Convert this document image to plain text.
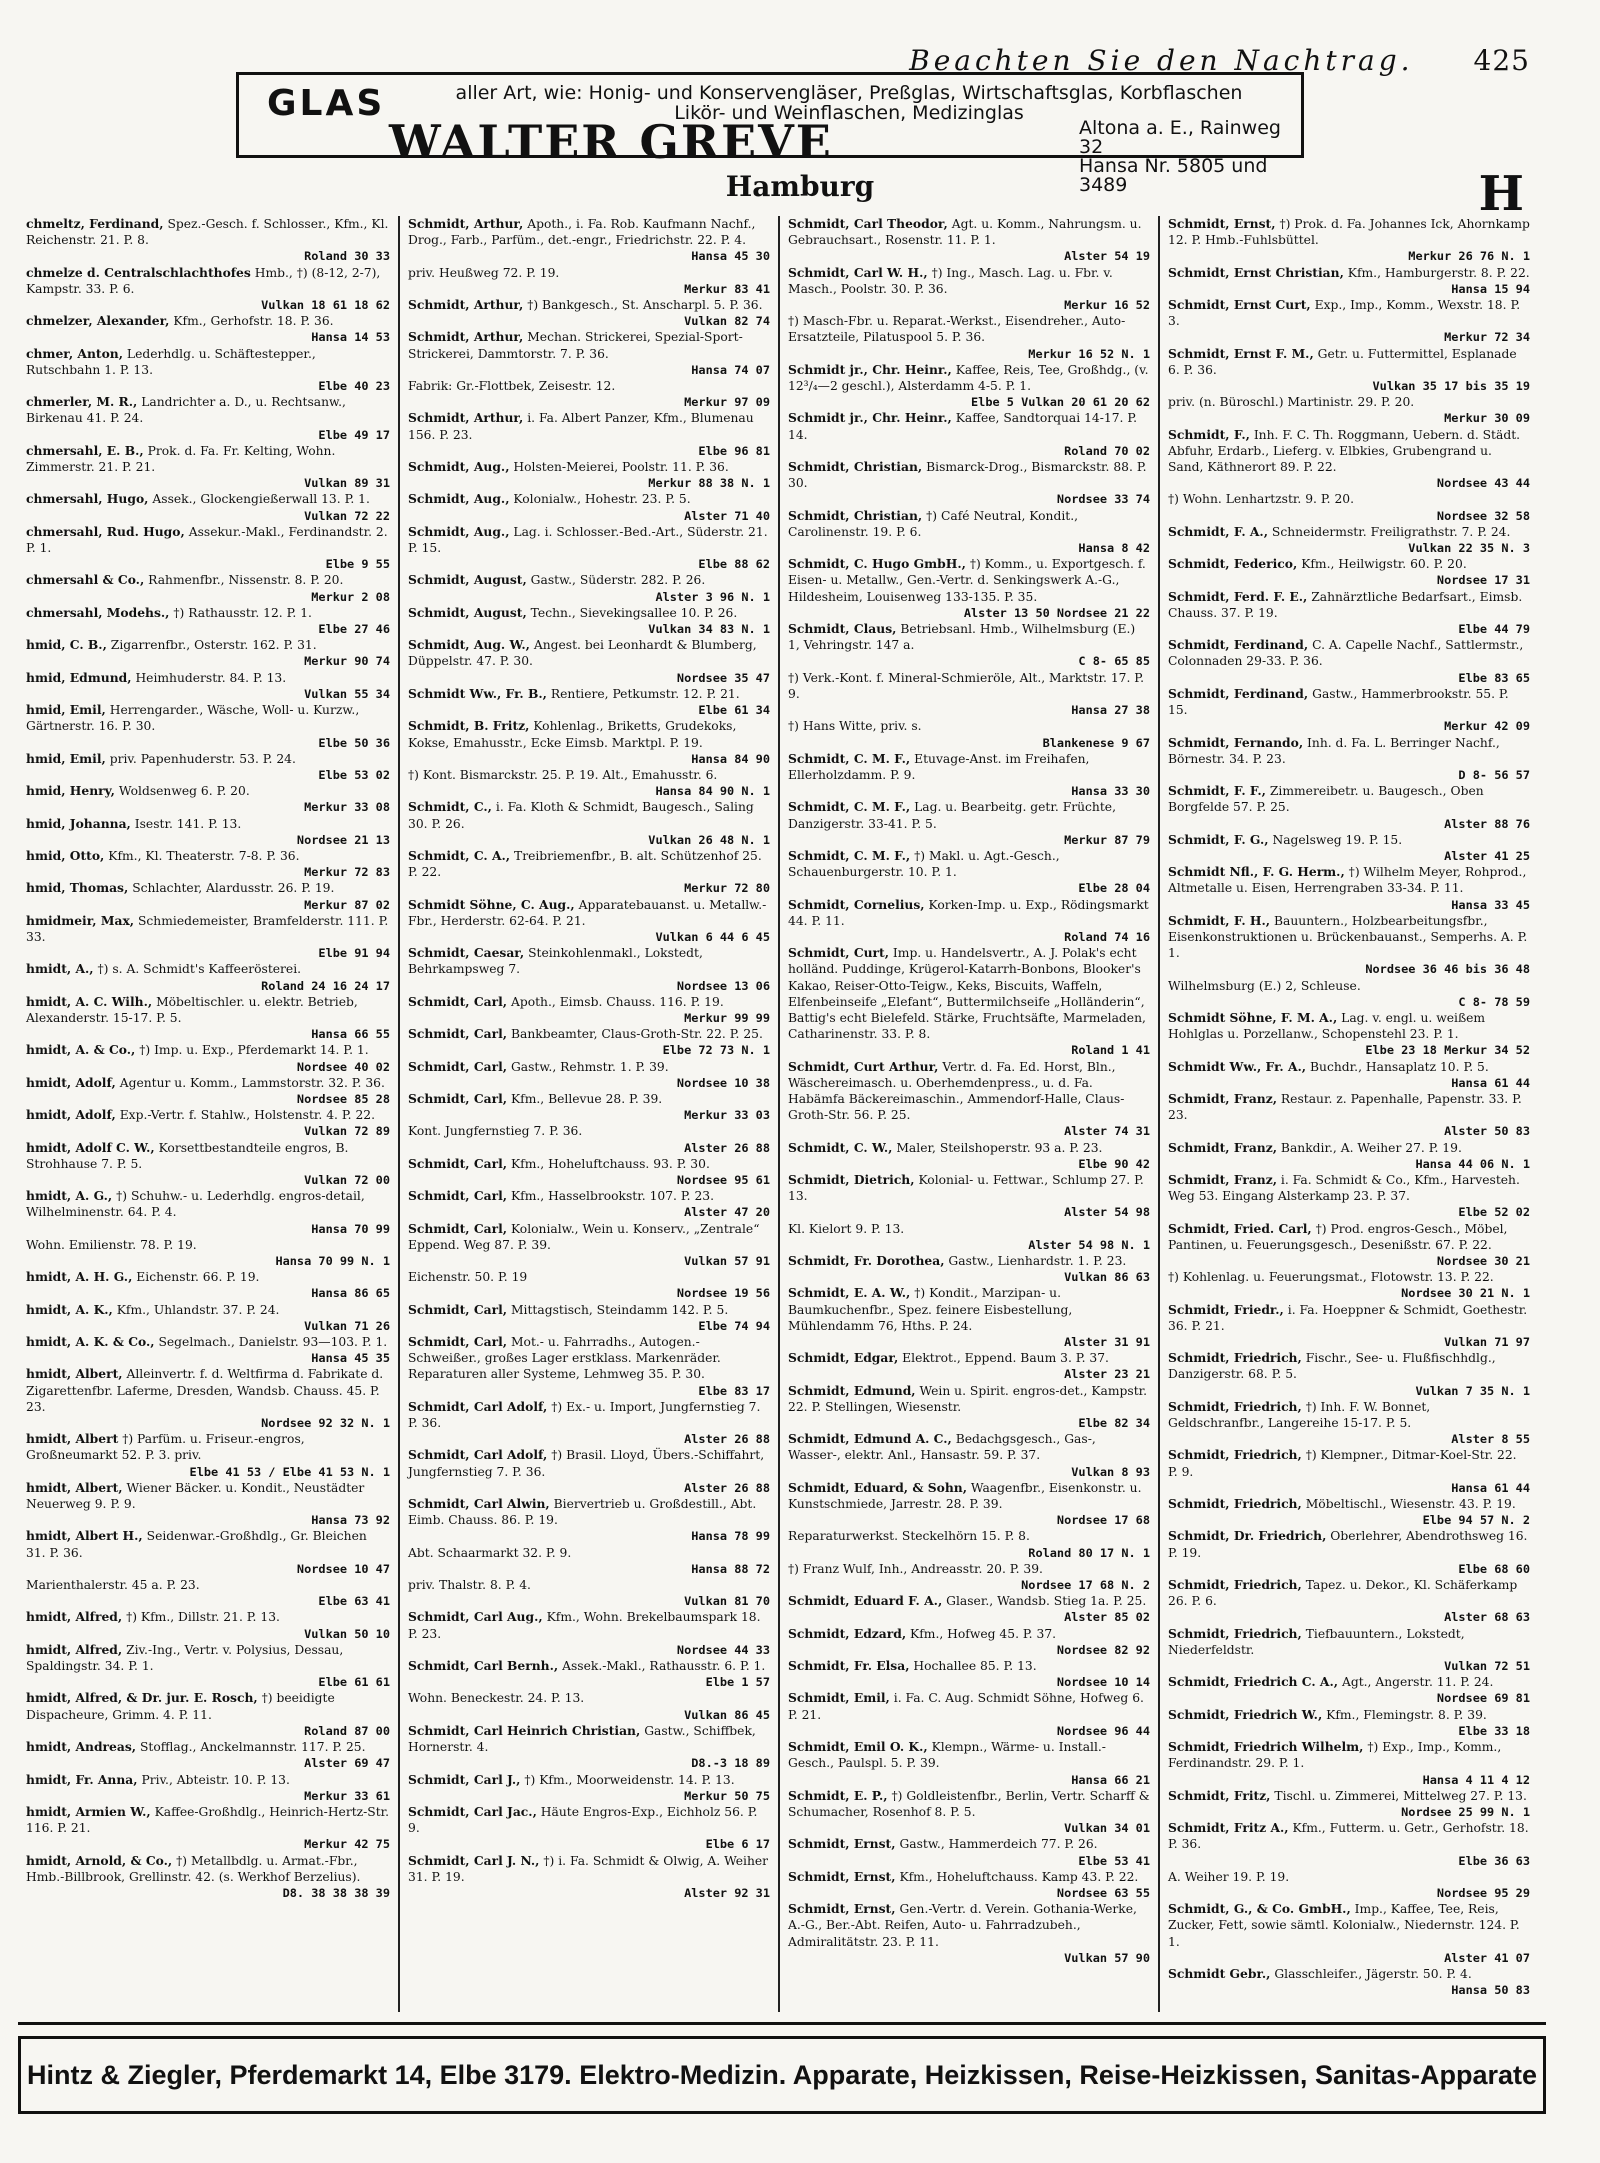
Beachten Sie den Nachtrag. 425
GLAS	aller Art, wie: Honig- und Konservengläser, Preßglas, Wirtschaftsglas, Korbflaschen
Likör- und Weinflaschen, Medizinglas
WALTER GREVE	Altona a. E., Rainweg 32
Hansa Nr. 5805 und 3489
Hamburg	H
chmeltz, Ferdinand, Spez.-Gesch. f. Schlosser., Kfm., Kl. Reichenstr. 21. P. 8.
Roland 30 33
chmelze d. Centralschlachthofes Hmb., †) (8-12, 2-7), Kampstr. 33. P. 6.
Vulkan 18 61 18 62
chmelzer, Alexander, Kfm., Gerhofstr. 18. P. 36.
Hansa 14 53
chmer, Anton, Lederhdlg. u. Schäftestepper., Rutschbahn 1. P. 13.
Elbe 40 23
chmerler, M. R., Landrichter a. D., u. Rechtsanw., Birkenau 41. P. 24.
Elbe 49 17
chmersahl, E. B., Prok. d. Fa. Fr. Kelting, Wohn. Zimmerstr. 21. P. 21.
Vulkan 89 31
chmersahl, Hugo, Assek., Glockengießerwall 13. P. 1.
Vulkan 72 22
chmersahl, Rud. Hugo, Assekur.-Makl., Ferdinandstr. 2. P. 1.
Elbe 9 55
chmersahl & Co., Rahmenfbr., Nissenstr. 8. P. 20.
Merkur 2 08
chmersahl, Modehs., †) Rathausstr. 12. P. 1.
Elbe 27 46
hmid, C. B., Zigarrenfbr., Osterstr. 162. P. 31.
Merkur 90 74
hmid, Edmund, Heimhuderstr. 84. P. 13.
Vulkan 55 34
hmid, Emil, Herrengarder., Wäsche, Woll- u. Kurzw., Gärtnerstr. 16. P. 30.
Elbe 50 36
hmid, Emil, priv. Papenhuderstr. 53. P. 24.
Elbe 53 02
hmid, Henry, Woldsenweg 6. P. 20.
Merkur 33 08
hmid, Johanna, Isestr. 141. P. 13.
Nordsee 21 13
hmid, Otto, Kfm., Kl. Theaterstr. 7-8. P. 36.
Merkur 72 83
hmid, Thomas, Schlachter, Alardusstr. 26. P. 19.
Merkur 87 02
hmidmeir, Max, Schmiedemeister, Bramfelderstr. 111. P. 33.
Elbe 91 94
hmidt, A., †) s. A. Schmidt's Kaffeerösterei.
Roland 24 16 24 17
hmidt, A. C. Wilh., Möbeltischler. u. elektr. Betrieb, Alexanderstr. 15-17. P. 5.
Hansa 66 55
hmidt, A. & Co., †) Imp. u. Exp., Pferdemarkt 14. P. 1.
Nordsee 40 02
hmidt, Adolf, Agentur u. Komm., Lammstorstr. 32. P. 36.
Nordsee 85 28
hmidt, Adolf, Exp.-Vertr. f. Stahlw., Holstenstr. 4. P. 22.
Vulkan 72 89
hmidt, Adolf C. W., Korsettbestandteile engros, B. Strohhause 7. P. 5.
Vulkan 72 00
hmidt, A. G., †) Schuhw.- u. Lederhdlg. engros-detail, Wilhelminenstr. 64. P. 4.
Hansa 70 99
Wohn. Emilienstr. 78. P. 19.
Hansa 70 99 N. 1
hmidt, A. H. G., Eichenstr. 66. P. 19.
Hansa 86 65
hmidt, A. K., Kfm., Uhlandstr. 37. P. 24.
Vulkan 71 26
hmidt, A. K. & Co., Segelmach., Danielstr. 93—103. P. 1.
Hansa 45 35
hmidt, Albert, Alleinvertr. f. d. Weltfirma d. Fabrikate d. Zigarettenfbr. Laferme, Dresden, Wandsb. Chauss. 45. P. 23.
Nordsee 92 32 N. 1
hmidt, Albert †) Parfüm. u. Friseur.-engros, Großneumarkt 52. P. 3. priv.
Elbe 41 53 / Elbe 41 53 N. 1
hmidt, Albert, Wiener Bäcker. u. Kondit., Neustädter Neuerweg 9. P. 9.
Hansa 73 92
hmidt, Albert H., Seidenwar.-Großhdlg., Gr. Bleichen 31. P. 36.
Nordsee 10 47
Marienthalerstr. 45 a. P. 23.
Elbe 63 41
hmidt, Alfred, †) Kfm., Dillstr. 21. P. 13.
Vulkan 50 10
hmidt, Alfred, Ziv.-Ing., Vertr. v. Polysius, Dessau, Spaldingstr. 34. P. 1.
Elbe 61 61
hmidt, Alfred, & Dr. jur. E. Rosch, †) beeidigte Dispacheure, Grimm. 4. P. 11.
Roland 87 00
hmidt, Andreas, Stofflag., Anckelmannstr. 117. P. 25.
Alster 69 47
hmidt, Fr. Anna, Priv., Abteistr. 10. P. 13.
Merkur 33 61
hmidt, Armien W., Kaffee-Großhdlg., Heinrich-Hertz-Str. 116. P. 21.
Merkur 42 75
hmidt, Arnold, & Co., †) Metallbdlg. u. Armat.-Fbr., Hmb.-Billbrook, Grellinstr. 42. (s. Werkhof Berzelius).
D8. 38 38 38 39
Schmidt, Arthur, Apoth., i. Fa. Rob. Kaufmann Nachf., Drog., Farb., Parfüm., det.-engr., Friedrichstr. 22. P. 4.
Hansa 45 30
priv. Heußweg 72. P. 19.
Merkur 83 41
Schmidt, Arthur, †) Bankgesch., St. Anscharpl. 5. P. 36.
Vulkan 82 74
Schmidt, Arthur, Mechan. Strickerei, Spezial-Sport-Strickerei, Dammtorstr. 7. P. 36.
Hansa 74 07
Fabrik: Gr.-Flottbek, Zeisestr. 12.
Merkur 97 09
Schmidt, Arthur, i. Fa. Albert Panzer, Kfm., Blumenau 156. P. 23.
Elbe 96 81
Schmidt, Aug., Holsten-Meierei, Poolstr. 11. P. 36.
Merkur 88 38 N. 1
Schmidt, Aug., Kolonialw., Hohestr. 23. P. 5.
Alster 71 40
Schmidt, Aug., Lag. i. Schlosser.-Bed.-Art., Süderstr. 21. P. 15.
Elbe 88 62
Schmidt, August, Gastw., Süderstr. 282. P. 26.
Alster 3 96 N. 1
Schmidt, August, Techn., Sievekingsallee 10. P. 26.
Vulkan 34 83 N. 1
Schmidt, Aug. W., Angest. bei Leonhardt & Blumberg, Düppelstr. 47. P. 30.
Nordsee 35 47
Schmidt Ww., Fr. B., Rentiere, Petkumstr. 12. P. 21.
Elbe 61 34
Schmidt, B. Fritz, Kohlenlag., Briketts, Grudekoks, Kokse, Emahusstr., Ecke Eimsb. Marktpl. P. 19.
Hansa 84 90
†) Kont. Bismarckstr. 25. P. 19. Alt., Emahusstr. 6.
Hansa 84 90 N. 1
Schmidt, C., i. Fa. Kloth & Schmidt, Baugesch., Saling 30. P. 26.
Vulkan 26 48 N. 1
Schmidt, C. A., Treibriemenfbr., B. alt. Schützenhof 25. P. 22.
Merkur 72 80
Schmidt Söhne, C. Aug., Apparatebauanst. u. Metallw.-Fbr., Herderstr. 62-64. P. 21.
Vulkan 6 44 6 45
Schmidt, Caesar, Steinkohlenmakl., Lokstedt, Behrkampsweg 7.
Nordsee 13 06
Schmidt, Carl, Apoth., Eimsb. Chauss. 116. P. 19.
Merkur 99 99
Schmidt, Carl, Bankbeamter, Claus-Groth-Str. 22. P. 25.
Elbe 72 73 N. 1
Schmidt, Carl, Gastw., Rehmstr. 1. P. 39.
Nordsee 10 38
Schmidt, Carl, Kfm., Bellevue 28. P. 39.
Merkur 33 03
Kont. Jungfernstieg 7. P. 36.
Alster 26 88
Schmidt, Carl, Kfm., Hoheluftchauss. 93. P. 30.
Nordsee 95 61
Schmidt, Carl, Kfm., Hasselbrookstr. 107. P. 23.
Alster 47 20
Schmidt, Carl, Kolonialw., Wein u. Konserv., „Zentrale“ Eppend. Weg 87. P. 39.
Vulkan 57 91
Eichenstr. 50. P. 19
Nordsee 19 56
Schmidt, Carl, Mittagstisch, Steindamm 142. P. 5.
Elbe 74 94
Schmidt, Carl, Mot.- u. Fahrradhs., Autogen.-Schweißer., großes Lager erstklass. Markenräder. Reparaturen aller Systeme, Lehmweg 35. P. 30.
Elbe 83 17
Schmidt, Carl Adolf, †) Ex.- u. Import, Jungfernstieg 7. P. 36.
Alster 26 88
Schmidt, Carl Adolf, †) Brasil. Lloyd, Übers.-Schiffahrt, Jungfernstieg 7. P. 36.
Alster 26 88
Schmidt, Carl Alwin, Biervertrieb u. Großdestill., Abt. Eimb. Chauss. 86. P. 19.
Hansa 78 99
Abt. Schaarmarkt 32. P. 9.
Hansa 88 72
priv. Thalstr. 8. P. 4.
Vulkan 81 70
Schmidt, Carl Aug., Kfm., Wohn. Brekelbaumspark 18. P. 23.
Nordsee 44 33
Schmidt, Carl Bernh., Assek.-Makl., Rathausstr. 6. P. 1.
Elbe 1 57
Wohn. Beneckestr. 24. P. 13.
Vulkan 86 45
Schmidt, Carl Heinrich Christian, Gastw., Schiffbek, Hornerstr. 4.
D8.-3 18 89
Schmidt, Carl J., †) Kfm., Moorweidenstr. 14. P. 13.
Merkur 50 75
Schmidt, Carl Jac., Häute Engros-Exp., Eichholz 56. P. 9.
Elbe 6 17
Schmidt, Carl J. N., †) i. Fa. Schmidt & Olwig, A. Weiher 31. P. 19.
Alster 92 31
Schmidt, Carl Theodor, Agt. u. Komm., Nahrungsm. u. Gebrauchsart., Rosenstr. 11. P. 1.
Alster 54 19
Schmidt, Carl W. H., †) Ing., Masch. Lag. u. Fbr. v. Masch., Poolstr. 30. P. 36.
Merkur 16 52
†) Masch-Fbr. u. Reparat.-Werkst., Eisendreher., Auto-Ersatzteile, Pilatuspool 5. P. 36.
Merkur 16 52 N. 1
Schmidt jr., Chr. Heinr., Kaffee, Reis, Tee, Großhdg., (v. 12³/₄—2 geschl.), Alsterdamm 4-5. P. 1.
Elbe 5 Vulkan 20 61 20 62
Schmidt jr., Chr. Heinr., Kaffee, Sandtorquai 14-17. P. 14.
Roland 70 02
Schmidt, Christian, Bismarck-Drog., Bismarckstr. 88. P. 30.
Nordsee 33 74
Schmidt, Christian, †) Café Neutral, Kondit., Carolinenstr. 19. P. 6.
Hansa 8 42
Schmidt, C. Hugo GmbH., †) Komm., u. Exportgesch. f. Eisen- u. Metallw., Gen.-Vertr. d. Senkingswerk A.-G., Hildesheim, Louisenweg 133-135. P. 35.
Alster 13 50 Nordsee 21 22
Schmidt, Claus, Betriebsanl. Hmb., Wilhelmsburg (E.) 1, Vehringstr. 147 a.
C 8- 65 85
†) Verk.-Kont. f. Mineral-Schmieröle, Alt., Marktstr. 17. P. 9.
Hansa 27 38
†) Hans Witte, priv. s.
Blankenese 9 67
Schmidt, C. M. F., Etuvage-Anst. im Freihafen, Ellerholzdamm. P. 9.
Hansa 33 30
Schmidt, C. M. F., Lag. u. Bearbeitg. getr. Früchte, Danzigerstr. 33-41. P. 5.
Merkur 87 79
Schmidt, C. M. F., †) Makl. u. Agt.-Gesch., Schauenburgerstr. 10. P. 1.
Elbe 28 04
Schmidt, Cornelius, Korken-Imp. u. Exp., Rödingsmarkt 44. P. 11.
Roland 74 16
Schmidt, Curt, Imp. u. Handelsvertr., A. J. Polak's echt holländ. Puddinge, Krügerol-Katarrh-Bonbons, Blooker's Kakao, Reiser-Otto-Teigw., Keks, Biscuits, Waffeln, Elfenbeinseife „Elefant“, Buttermilchseife „Holländerin“, Battig's echt Bielefeld. Stärke, Fruchtsäfte, Marmeladen, Catharinenstr. 33. P. 8.
Roland 1 41
Schmidt, Curt Arthur, Vertr. d. Fa. Ed. Horst, Bln., Wäschereimasch. u. Oberhemdenpress., u. d. Fa. Habämfa Bäckereimaschin., Ammendorf-Halle, Claus-Groth-Str. 56. P. 25.
Alster 74 31
Schmidt, C. W., Maler, Steilshoperstr. 93 a. P. 23.
Elbe 90 42
Schmidt, Dietrich, Kolonial- u. Fettwar., Schlump 27. P. 13.
Alster 54 98
Kl. Kielort 9. P. 13.
Alster 54 98 N. 1
Schmidt, Fr. Dorothea, Gastw., Lienhardstr. 1. P. 23.
Vulkan 86 63
Schmidt, E. A. W., †) Kondit., Marzipan- u. Baumkuchenfbr., Spez. feinere Eisbestellung, Mühlendamm 76, Hths. P. 24.
Alster 31 91
Schmidt, Edgar, Elektrot., Eppend. Baum 3. P. 37.
Alster 23 21
Schmidt, Edmund, Wein u. Spirit. engros-det., Kampstr. 22. P. Stellingen, Wiesenstr.
Elbe 82 34
Schmidt, Edmund A. C., Bedachgsgesch., Gas-, Wasser-, elektr. Anl., Hansastr. 59. P. 37.
Vulkan 8 93
Schmidt, Eduard, & Sohn, Waagenfbr., Eisenkonstr. u. Kunstschmiede, Jarrestr. 28. P. 39.
Nordsee 17 68
Reparaturwerkst. Steckelhörn 15. P. 8.
Roland 80 17 N. 1
†) Franz Wulf, Inh., Andreasstr. 20. P. 39.
Nordsee 17 68 N. 2
Schmidt, Eduard F. A., Glaser., Wandsb. Stieg 1a. P. 25.
Alster 85 02
Schmidt, Edzard, Kfm., Hofweg 45. P. 37.
Nordsee 82 92
Schmidt, Fr. Elsa, Hochallee 85. P. 13.
Nordsee 10 14
Schmidt, Emil, i. Fa. C. Aug. Schmidt Söhne, Hofweg 6. P. 21.
Nordsee 96 44
Schmidt, Emil O. K., Klempn., Wärme- u. Install.-Gesch., Paulspl. 5. P. 39.
Hansa 66 21
Schmidt, E. P., †) Goldleistenfbr., Berlin, Vertr. Scharff & Schumacher, Rosenhof 8. P. 5.
Vulkan 34 01
Schmidt, Ernst, Gastw., Hammerdeich 77. P. 26.
Elbe 53 41
Schmidt, Ernst, Kfm., Hoheluftchauss. Kamp 43. P. 22.
Nordsee 63 55
Schmidt, Ernst, Gen.-Vertr. d. Verein. Gothania-Werke, A.-G., Ber.-Abt. Reifen, Auto- u. Fahrradzubeh., Admiralitätstr. 23. P. 11.
Vulkan 57 90
Schmidt, Ernst, †) Prok. d. Fa. Johannes Ick, Ahornkamp 12. P. Hmb.-Fuhlsbüttel.
Merkur 26 76 N. 1
Schmidt, Ernst Christian, Kfm., Hamburgerstr. 8. P. 22.
Hansa 15 94
Schmidt, Ernst Curt, Exp., Imp., Komm., Wexstr. 18. P. 3.
Merkur 72 34
Schmidt, Ernst F. M., Getr. u. Futtermittel, Esplanade 6. P. 36.
Vulkan 35 17 bis 35 19
priv. (n. Büroschl.) Martinistr. 29. P. 20.
Merkur 30 09
Schmidt, F., Inh. F. C. Th. Roggmann, Uebern. d. Städt. Abfuhr, Erdarb., Lieferg. v. Elbkies, Grubengrand u. Sand, Käthnerort 89. P. 22.
Nordsee 43 44
†) Wohn. Lenhartzstr. 9. P. 20.
Nordsee 32 58
Schmidt, F. A., Schneidermstr. Freiligrathstr. 7. P. 24.
Vulkan 22 35 N. 3
Schmidt, Federico, Kfm., Heilwigstr. 60. P. 20.
Nordsee 17 31
Schmidt, Ferd. F. E., Zahnärztliche Bedarfsart., Eimsb. Chauss. 37. P. 19.
Elbe 44 79
Schmidt, Ferdinand, C. A. Capelle Nachf., Sattlermstr., Colonnaden 29-33. P. 36.
Elbe 83 65
Schmidt, Ferdinand, Gastw., Hammerbrookstr. 55. P. 15.
Merkur 42 09
Schmidt, Fernando, Inh. d. Fa. L. Berringer Nachf., Börnestr. 34. P. 23.
D 8- 56 57
Schmidt, F. F., Zimmereibetr. u. Baugesch., Oben Borgfelde 57. P. 25.
Alster 88 76
Schmidt, F. G., Nagelsweg 19. P. 15.
Alster 41 25
Schmidt Nfl., F. G. Herm., †) Wilhelm Meyer, Rohprod., Altmetalle u. Eisen, Herrengraben 33-34. P. 11.
Hansa 33 45
Schmidt, F. H., Bauuntern., Holzbearbeitungsfbr., Eisenkonstruktionen u. Brückenbauanst., Semperhs. A. P. 1.
Nordsee 36 46 bis 36 48
Wilhelmsburg (E.) 2, Schleuse.
C 8- 78 59
Schmidt Söhne, F. M. A., Lag. v. engl. u. weißem Hohlglas u. Porzellanw., Schopenstehl 23. P. 1.
Elbe 23 18 Merkur 34 52
Schmidt Ww., Fr. A., Buchdr., Hansaplatz 10. P. 5.
Hansa 61 44
Schmidt, Franz, Restaur. z. Papenhalle, Papenstr. 33. P. 23.
Alster 50 83
Schmidt, Franz, Bankdir., A. Weiher 27. P. 19.
Hansa 44 06 N. 1
Schmidt, Franz, i. Fa. Schmidt & Co., Kfm., Harvestеh. Weg 53. Eingang Alsterkamp 23. P. 37.
Elbe 52 02
Schmidt, Fried. Carl, †) Prod. engros-Gesch., Möbel, Pantinen, u. Feuerungsgesch., Desenißstr. 67. P. 22.
Nordsee 30 21
†) Kohlenlag. u. Feuerungsmat., Flotowstr. 13. P. 22.
Nordsee 30 21 N. 1
Schmidt, Friedr., i. Fa. Hoeppner & Schmidt, Goethestr. 36. P. 21.
Vulkan 71 97
Schmidt, Friedrich, Fischr., See- u. Flußfischhdlg., Danzigerstr. 68. P. 5.
Vulkan 7 35 N. 1
Schmidt, Friedrich, †) Inh. F. W. Bonnet, Geldschranfbr., Langereihe 15-17. P. 5.
Alster 8 55
Schmidt, Friedrich, †) Klempner., Ditmar-Koel-Str. 22. P. 9.
Hansa 61 44
Schmidt, Friedrich, Möbeltischl., Wiesenstr. 43. P. 19.
Elbe 94 57 N. 2
Schmidt, Dr. Friedrich, Oberlehrer, Abendrothsweg 16. P. 19.
Elbe 68 60
Schmidt, Friedrich, Tapez. u. Dekor., Kl. Schäferkamp 26. P. 6.
Alster 68 63
Schmidt, Friedrich, Tiefbauuntern., Lokstedt, Niederfeldstr.
Vulkan 72 51
Schmidt, Friedrich C. A., Agt., Angerstr. 11. P. 24.
Nordsee 69 81
Schmidt, Friedrich W., Kfm., Flemingstr. 8. P. 39.
Elbe 33 18
Schmidt, Friedrich Wilhelm, †) Exp., Imp., Komm., Ferdinandstr. 29. P. 1.
Hansa 4 11 4 12
Schmidt, Fritz, Tischl. u. Zimmerei, Mittelweg 27. P. 13.
Nordsee 25 99 N. 1
Schmidt, Fritz A., Kfm., Futterm. u. Getr., Gerhofstr. 18. P. 36.
Elbe 36 63
A. Weiher 19. P. 19.
Nordsee 95 29
Schmidt, G., & Co. GmbH., Imp., Kaffee, Tee, Reis, Zucker, Fett, sowie sämtl. Kolonialw., Niedernstr. 124. P. 1.
Alster 41 07
Schmidt Gebr., Glasschleifer., Jägerstr. 50. P. 4.
Hansa 50 83
Hintz & Ziegler, Pferdemarkt 14, Elbe 3179. Elektro-Medizin. Apparate, Heizkissen, Reise-Heizkissen, Sanitas-Apparate
